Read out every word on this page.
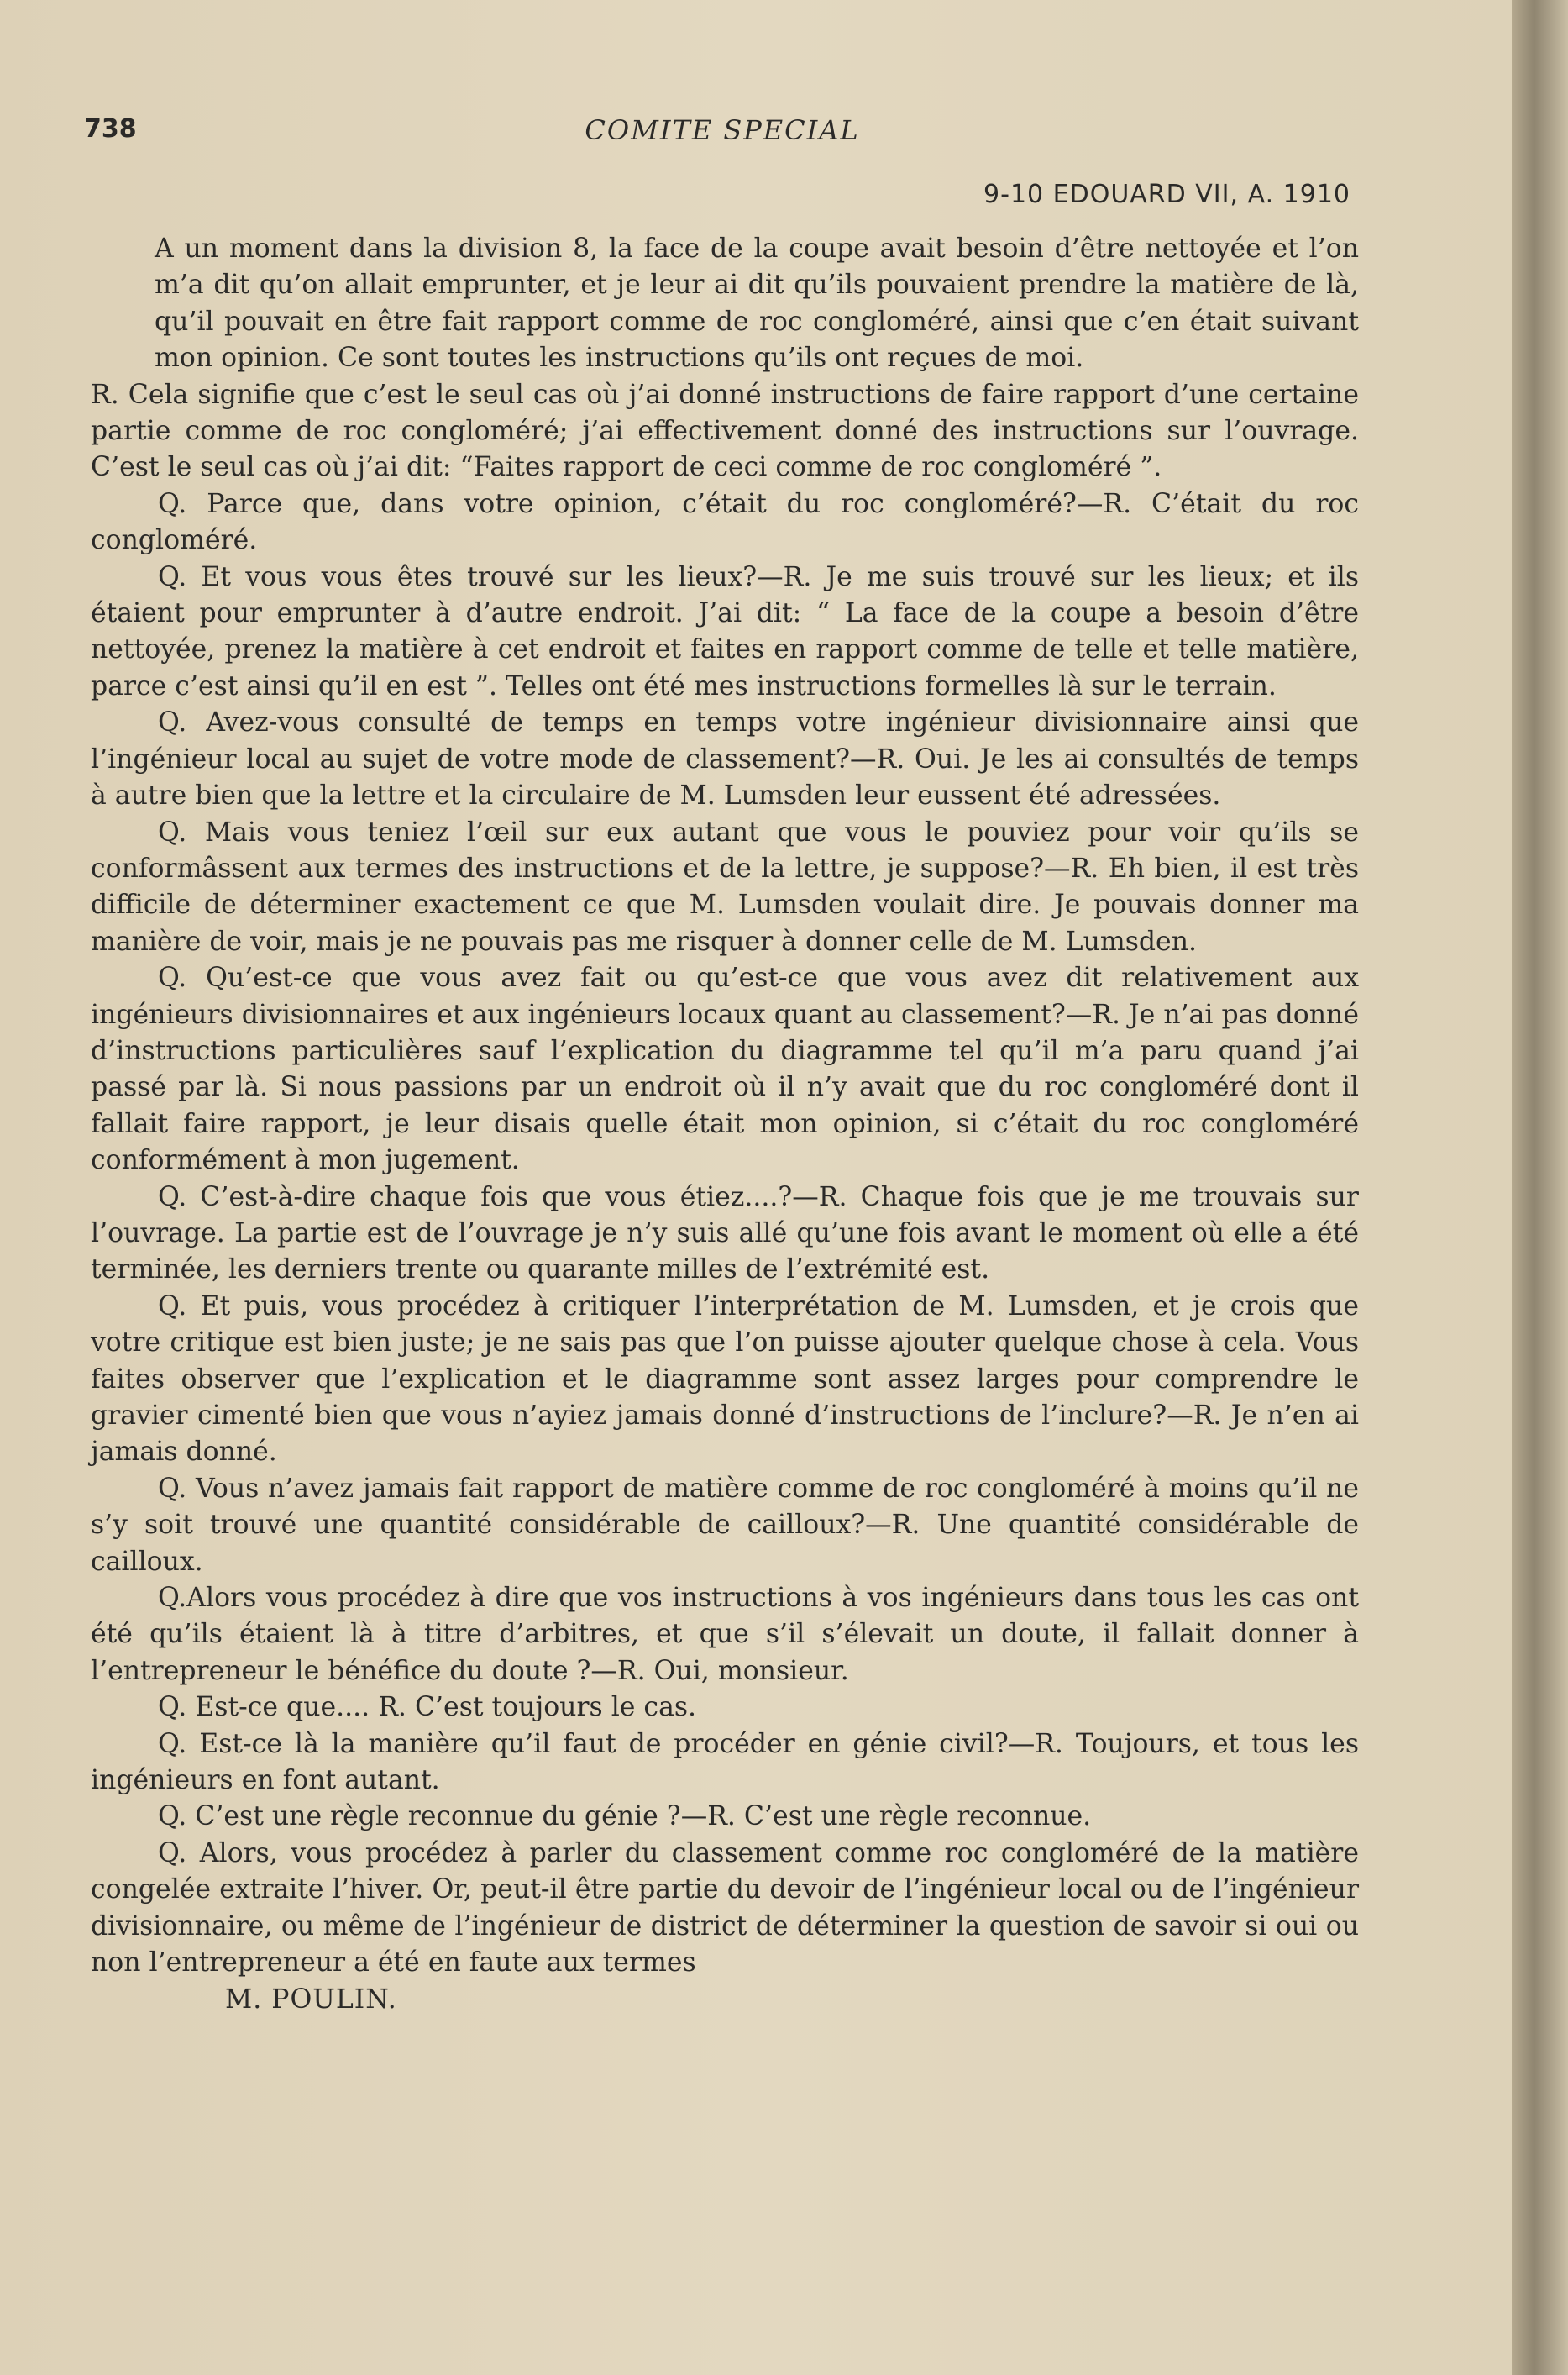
738	COMITE SPECIAL
9-10 EDOUARD VII, A. 1910

A un moment dans la division 8, la face de la coupe avait besoin d’être nettoyée et l’on m’a dit qu’on allait emprunter, et je leur ai dit qu’ils pouvaient prendre la matière de là, qu’il pouvait en être fait rapport comme de roc congloméré, ainsi que c’en était suivant mon opinion. Ce sont toutes les instructions qu’ils ont reçues de moi.

R. Cela signifie que c’est le seul cas où j’ai donné instructions de faire rapport d’une certaine partie comme de roc congloméré; j’ai effectivement donné des instructions sur l’ouvrage. C’est le seul cas où j’ai dit: “Faites rapport de ceci comme de roc congloméré ”.

Q. Parce que, dans votre opinion, c’était du roc congloméré?—R. C’était du roc congloméré.

Q. Et vous vous êtes trouvé sur les lieux?—R. Je me suis trouvé sur les lieux; et ils étaient pour emprunter à d’autre endroit. J’ai dit: “ La face de la coupe a besoin d’être nettoyée, prenez la matière à cet endroit et faites en rapport comme de telle et telle matière, parce c’est ainsi qu’il en est ”. Telles ont été mes instructions formelles là sur le terrain.

Q. Avez-vous consulté de temps en temps votre ingénieur divisionnaire ainsi que l’ingénieur local au sujet de votre mode de classement?—R. Oui. Je les ai consultés de temps à autre bien que la lettre et la circulaire de M. Lumsden leur eussent été adressées.

Q. Mais vous teniez l’œil sur eux autant que vous le pouviez pour voir qu’ils se conformâssent aux termes des instructions et de la lettre, je suppose?—R. Eh bien, il est très difficile de déterminer exactement ce que M. Lumsden voulait dire. Je pouvais donner ma manière de voir, mais je ne pouvais pas me risquer à donner celle de M. Lumsden.

Q. Qu’est-ce que vous avez fait ou qu’est-ce que vous avez dit relativement aux ingénieurs divisionnaires et aux ingénieurs locaux quant au classement?—R. Je n’ai pas donné d’instructions particulières sauf l’explication du diagramme tel qu’il m’a paru quand j’ai passé par là. Si nous passions par un endroit où il n’y avait que du roc congloméré dont il fallait faire rapport, je leur disais quelle était mon opinion, si c’était du roc congloméré conformément à mon jugement.

Q. C’est-à-dire chaque fois que vous étiez....?—R. Chaque fois que je me trouvais sur l’ouvrage. La partie est de l’ouvrage je n’y suis allé qu’une fois avant le moment où elle a été terminée, les derniers trente ou quarante milles de l’extrémité est.

Q. Et puis, vous procédez à critiquer l’interprétation de M. Lumsden, et je crois que votre critique est bien juste; je ne sais pas que l’on puisse ajouter quelque chose à cela. Vous faites observer que l’explication et le diagramme sont assez larges pour comprendre le gravier cimenté bien que vous n’ayiez jamais donné d’instructions de l’inclure?—R. Je n’en ai jamais donné.

Q. Vous n’avez jamais fait rapport de matière comme de roc congloméré à moins qu’il ne s’y soit trouvé une quantité considérable de cailloux?—R. Une quantité considérable de cailloux.

Q.Alors vous procédez à dire que vos instructions à vos ingénieurs dans tous les cas ont été qu’ils étaient là à titre d’arbitres, et que s’il s’élevait un doute, il fallait donner à l’entrepreneur le bénéfice du doute ?—R. Oui, monsieur.

Q. Est-ce que.... R. C’est toujours le cas.

Q. Est-ce là la manière qu’il faut de procéder en génie civil?—R. Toujours, et tous les ingénieurs en font autant.

Q. C’est une règle reconnue du génie ?—R. C’est une règle reconnue.

Q. Alors, vous procédez à parler du classement comme roc congloméré de la matière congelée extraite l’hiver. Or, peut-il être partie du devoir de l’ingénieur local ou de l’ingénieur divisionnaire, ou même de l’ingénieur de district de déterminer la question de savoir si oui ou non l’entrepreneur a été en faute aux termes

M. POULIN.
